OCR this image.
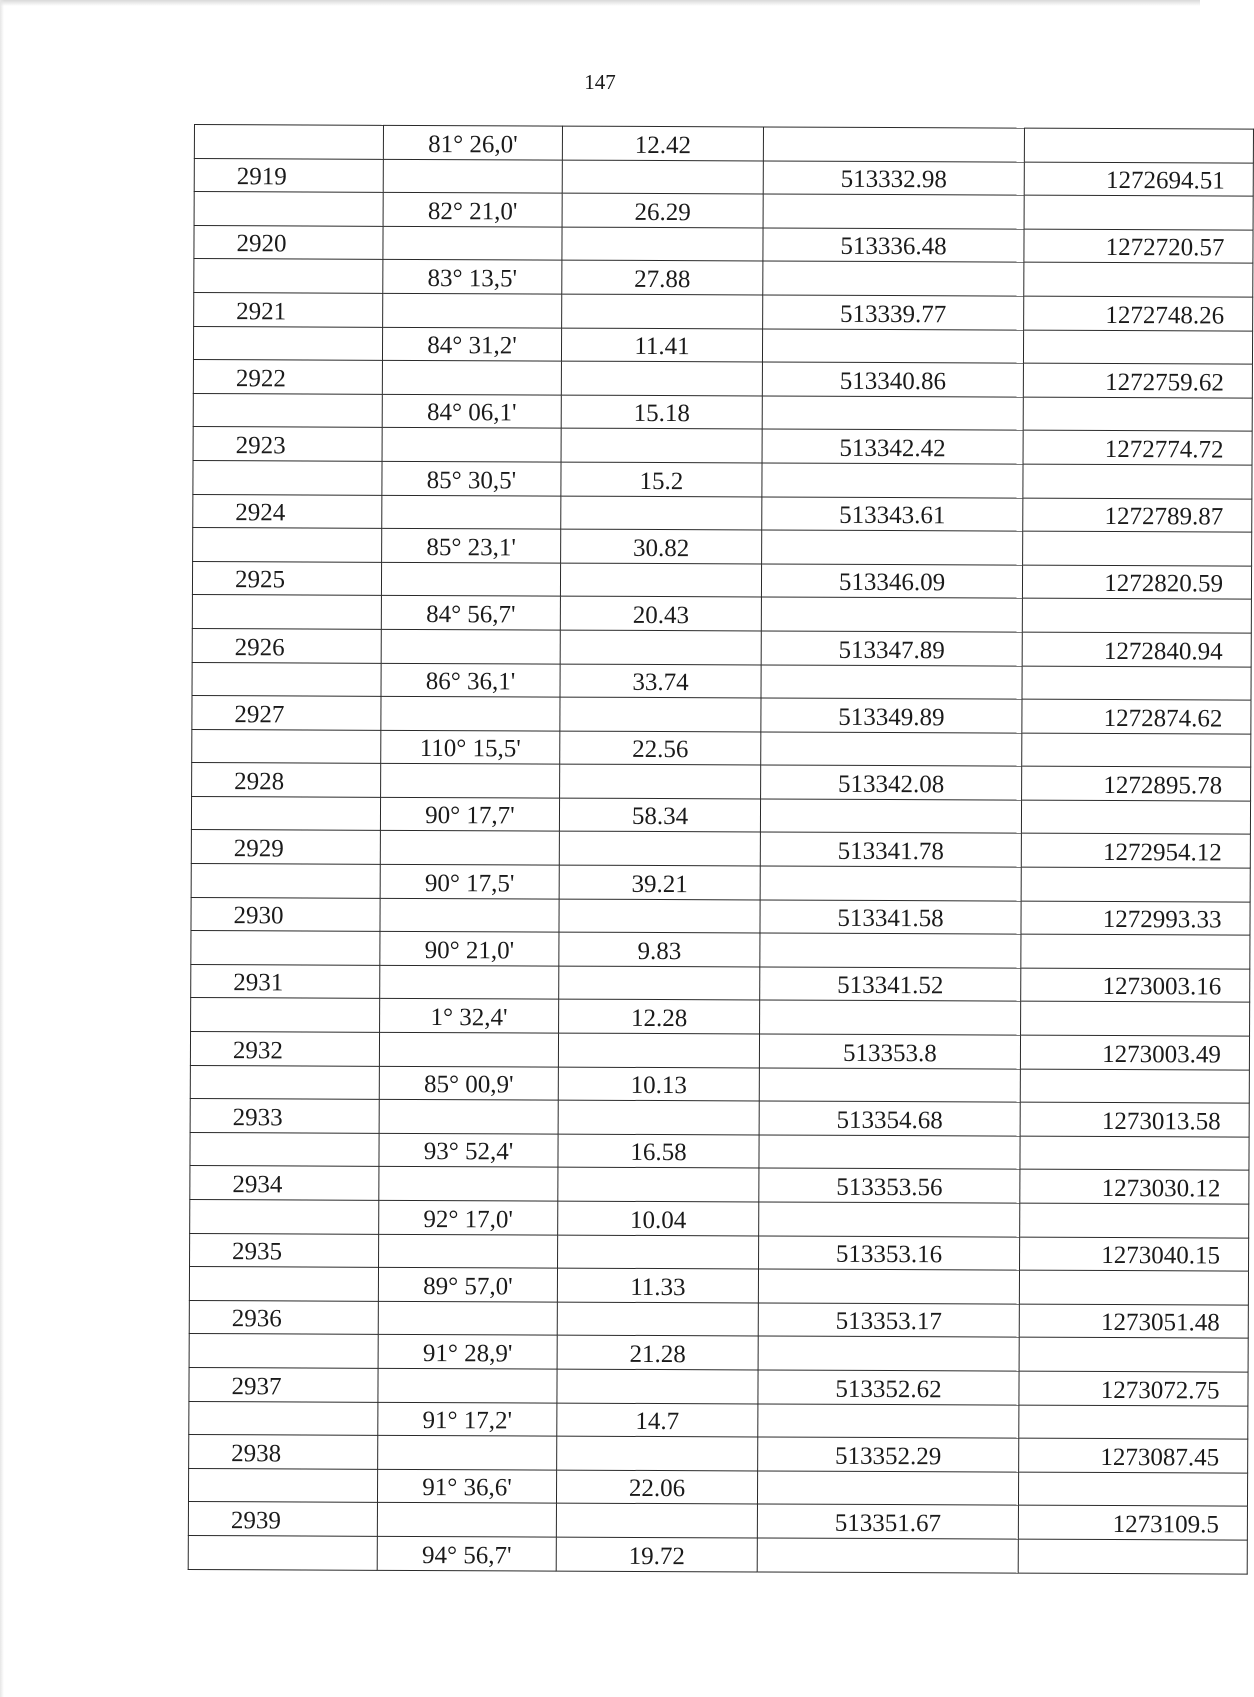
147
	81° 26,0'	12.42		
2919			513332.98	1272694.51
	82° 21,0'	26.29		
2920			513336.48	1272720.57
	83° 13,5'	27.88		
2921			513339.77	1272748.26
	84° 31,2'	11.41		
2922			513340.86	1272759.62
	84° 06,1'	15.18		
2923			513342.42	1272774.72
	85° 30,5'	15.2		
2924			513343.61	1272789.87
	85° 23,1'	30.82		
2925			513346.09	1272820.59
	84° 56,7'	20.43		
2926			513347.89	1272840.94
	86° 36,1'	33.74		
2927			513349.89	1272874.62
	110° 15,5'	22.56		
2928			513342.08	1272895.78
	90° 17,7'	58.34		
2929			513341.78	1272954.12
	90° 17,5'	39.21		
2930			513341.58	1272993.33
	90° 21,0'	9.83		
2931			513341.52	1273003.16
	1° 32,4'	12.28		
2932			513353.8	1273003.49
	85° 00,9'	10.13		
2933			513354.68	1273013.58
	93° 52,4'	16.58		
2934			513353.56	1273030.12
	92° 17,0'	10.04		
2935			513353.16	1273040.15
	89° 57,0'	11.33		
2936			513353.17	1273051.48
	91° 28,9'	21.28		
2937			513352.62	1273072.75
	91° 17,2'	14.7		
2938			513352.29	1273087.45
	91° 36,6'	22.06		
2939			513351.67	1273109.5
	94° 56,7'	19.72		
